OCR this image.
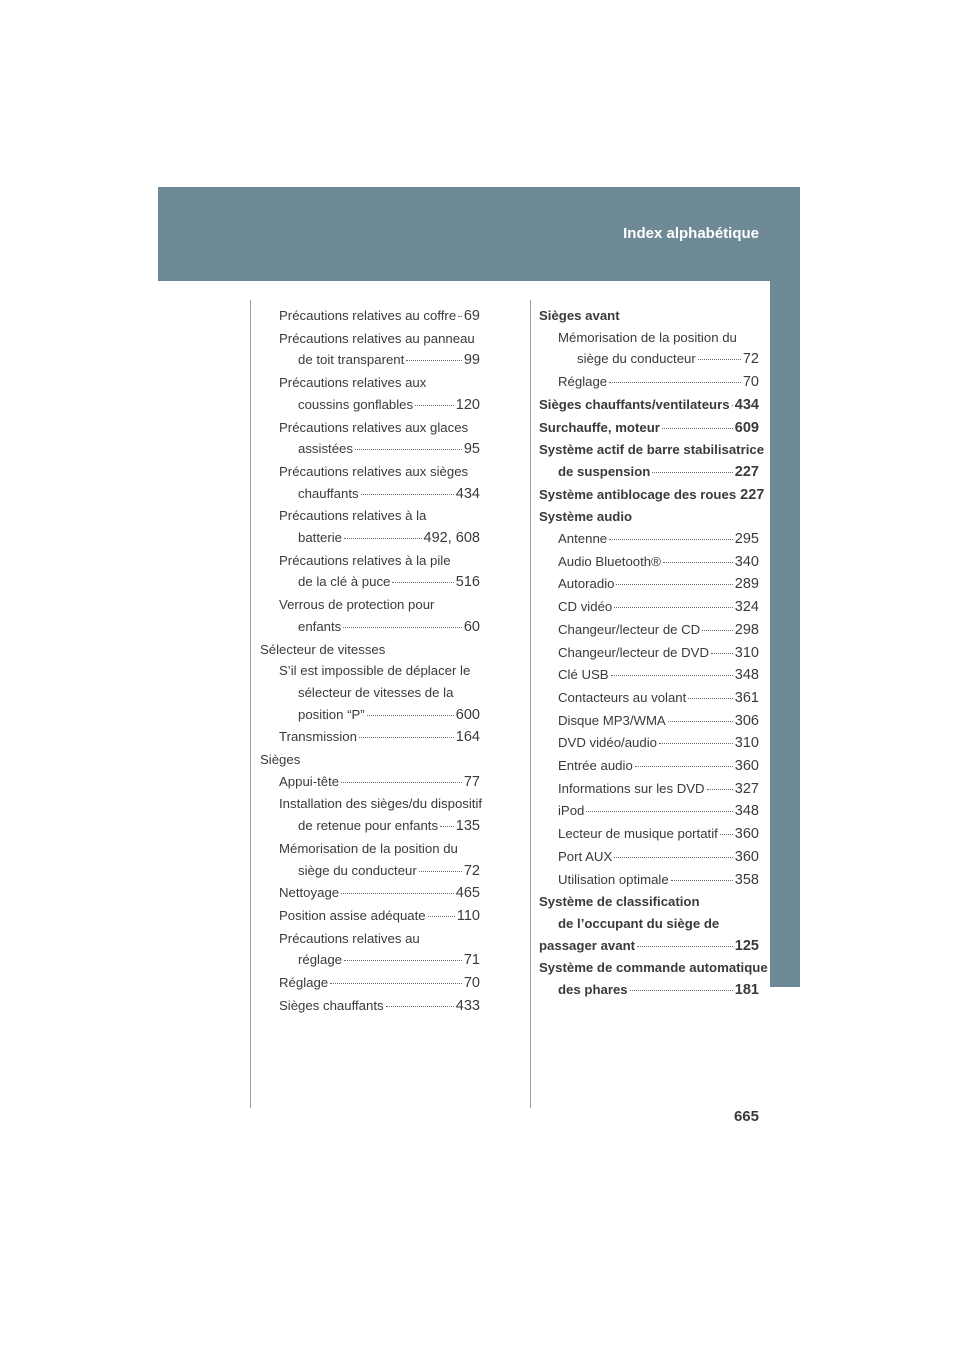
Index alphabétique
Précautions relatives au coffre 69
Précautions relatives au panneau
de toit transparent	99
Précautions relatives aux
coussins gonflables	120
Précautions relatives aux glaces
assistées	95
Précautions relatives aux sièges
chauffants	434
Précautions relatives à la
batterie	492, 608
Précautions relatives à la pile
de la clé à puce	516
Verrous de protection pour
enfants	60
Sélecteur de vitesses
S’il est impossible de déplacer le
sélecteur de vitesses de la
position “P”	600
Transmission	164
Sièges
Appui-tête	77
Installation des sièges/du dispositif
de retenue pour enfants 135
Mémorisation de la position du
siège du conducteur	72
Nettoyage	465
Position assise adéquate 110
Précautions relatives au
réglage	71
Réglage	70
Sièges chauffants	433
Sièges avant
Mémorisation de la position du
siège du conducteur	72
Réglage	70
Sièges chauffants/ventilateurs 434
Surchauffe, moteur	609
Système actif de barre stabilisatrice
de suspension	227
Système antiblocage des roues 227
Système audio
Antenne	295
Audio Bluetooth®	340
Autoradio	289
CD vidéo	324
Changeur/lecteur de CD 298
Changeur/lecteur de DVD 310
Clé USB	348
Contacteurs au volant	361
Disque MP3/WMA	306
DVD vidéo/audio	310
Entrée audio	360
Informations sur les DVD 327
iPod	348
Lecteur de musique portatif 360
Port AUX	360
Utilisation optimale	358
Système de classification
de l’occupant du siège de
passager avant	125
Système de commande automatique
des phares	181
665
